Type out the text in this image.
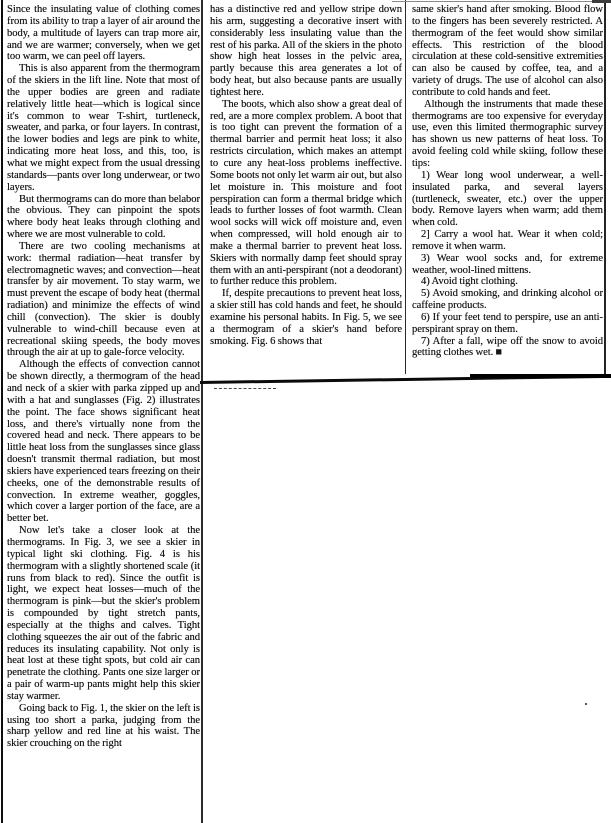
Since the insulating value of clothing comes from its ability to trap a layer of air around the body, a multitude of layers can trap more air, and we are warmer; conversely, when we get too warm, we can peel off layers.

This is also apparent from the thermogram of the skiers in the lift line. Note that most of the upper bodies are green and radiate relatively little heat—which is logical since it's common to wear T-shirt, turtleneck, sweater, and parka, or four layers. In contrast, the lower bodies and legs are pink to white, indicating more heat loss, and this, too, is what we might expect from the usual dressing standards—pants over long underwear, or two layers.

But thermograms can do more than belabor the obvious. They can pinpoint the spots where body heat leaks through clothing and where we are most vulnerable to cold.

There are two cooling mechanisms at work: thermal radiation—heat transfer by electromagnetic waves; and convection—heat transfer by air movement. To stay warm, we must prevent the escape of body heat (thermal radiation) and minimize the effects of wind chill (convection). The skier is doubly vulnerable to wind-chill because even at recreational skiing speeds, the body moves through the air at up to gale-force velocity.

Although the effects of convection cannot be shown directly, a thermogram of the head and neck of a skier with parka zipped up and with a hat and sunglasses (Fig. 2) illustrates the point. The face shows significant heat loss, and there's virtually none from the covered head and neck. There appears to be little heat loss from the sunglasses since glass doesn't transmit thermal radiation, but most skiers have experienced tears freezing on their cheeks, one of the demonstrable results of convection. In extreme weather, goggles, which cover a larger portion of the face, are a better bet.

Now let's take a closer look at the thermograms. In Fig. 3, we see a skier in typical light ski clothing. Fig. 4 is his thermogram with a slightly shortened scale (it runs from black to red). Since the outfit is light, we expect heat losses—much of the thermogram is pink—but the skier's problem is compounded by tight stretch pants, especially at the thighs and calves. Tight clothing squeezes the air out of the fabric and reduces its insulating capability. Not only is heat lost at these tight spots, but cold air can penetrate the clothing. Pants one size larger or a pair of warm-up pants might help this skier stay warmer.

Going back to Fig. 1, the skier on the left is using too short a parka, judging from the sharp yellow and red line at his waist. The skier crouching on the right

has a distinctive red and yellow stripe down his arm, suggesting a decorative insert with considerably less insulating value than the rest of his parka. All of the skiers in the photo show high heat losses in the pelvic area, partly because this area generates a lot of body heat, but also because pants are usually tightest here.

The boots, which also show a great deal of red, are a more complex problem. A boot that is too tight can prevent the formation of a thermal barrier and permit heat loss; it also restricts circulation, which makes an attempt to cure any heat-loss problems ineffective. Some boots not only let warm air out, but also let moisture in. This moisture and foot perspiration can form a thermal bridge which leads to further losses of foot warmth. Clean wool socks will wick off moisture and, even when compressed, will hold enough air to make a thermal barrier to prevent heat loss. Skiers with normally damp feet should spray them with an anti-perspirant (not a deodorant) to further reduce this problem.

If, despite precautions to prevent heat loss, a skier still has cold hands and feet, he should examine his personal habits. In Fig. 5, we see a thermogram of a skier's hand before smoking. Fig. 6 shows that

same skier's hand after smoking. Blood flow to the fingers has been severely restricted. A thermogram of the feet would show similar effects. This restriction of the blood circulation at these cold-sensitive extremities can also be caused by coffee, tea, and a variety of drugs. The use of alcohol can also contribute to cold hands and feet.

Although the instruments that made these thermograms are too expensive for everyday use, even this limited thermographic survey has shown us new patterns of heat loss. To avoid feeling cold while skiing, follow these tips:

1) Wear long wool underwear, a well-insulated parka, and several layers (turtleneck, sweater, etc.) over the upper body. Remove layers when warm; add them when cold.

2] Carry a wool hat. Wear it when cold; remove it when warm.

3) Wear wool socks and, for extreme weather, wool-lined mittens.

4) Avoid tight clothing.

5) Avoid smoking, and drinking alcohol or caffeine products.

6) If your feet tend to perspire, use an anti-perspirant spray on them.

7) After a fall, wipe off the snow to avoid getting clothes wet. ■
